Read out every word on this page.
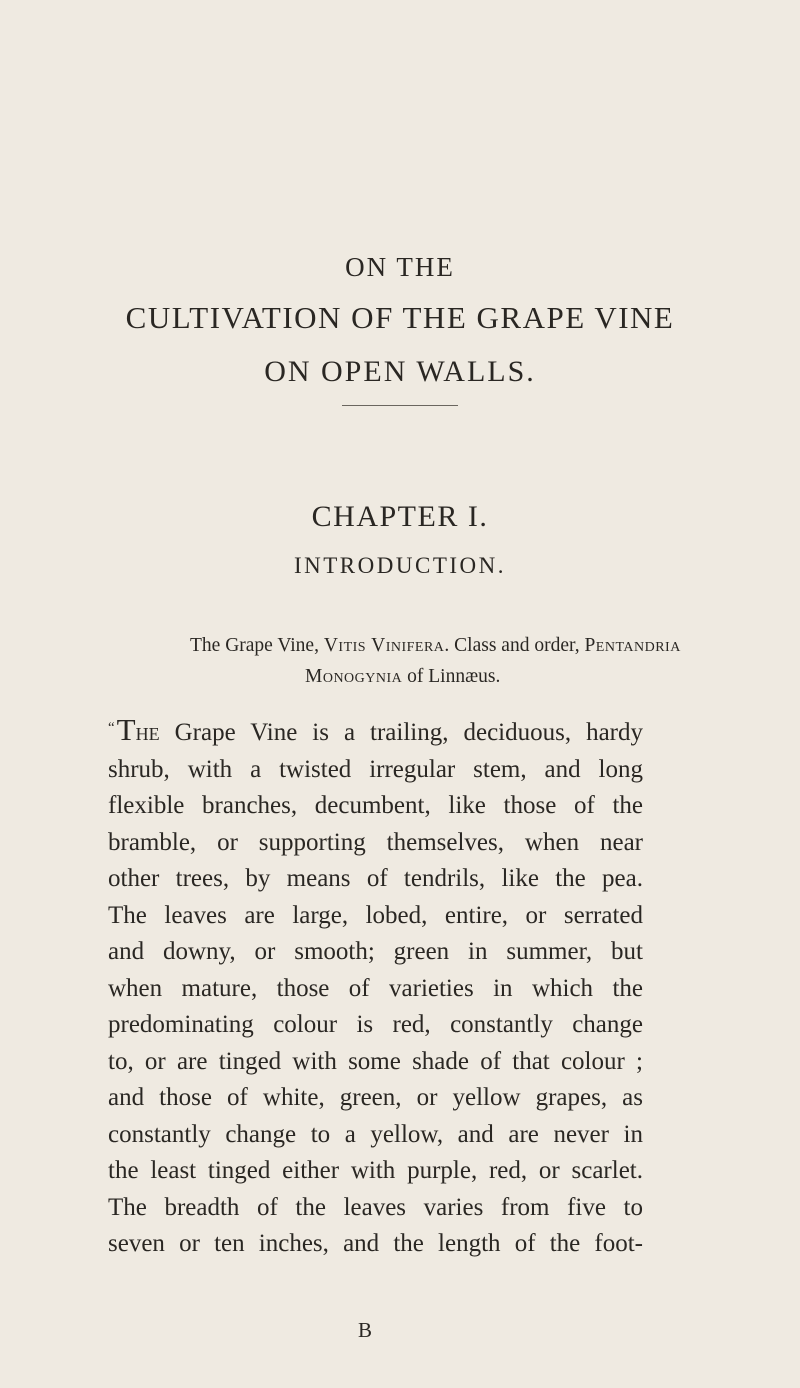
ON THE
CULTIVATION OF THE GRAPE VINE
ON OPEN WALLS.
CHAPTER I.
INTRODUCTION.
The Grape Vine, Vitis Vinifera. Class and order, Pentandria
Monogynia of Linnæus.

“The Grape Vine is a trailing, deciduous, hardy

shrub, with a twisted irregular stem, and long

flexible branches, decumbent, like those of the

bramble, or supporting themselves, when near

other trees, by means of tendrils, like the pea.

The leaves are large, lobed, entire, or serrated

and downy, or smooth; green in summer, but

when mature, those of varieties in which the

predominating colour is red, constantly change

to, or are tinged with some shade of that colour ;

and those of white, green, or yellow grapes, as

constantly change to a yellow, and are never in

the least tinged either with purple, red, or scarlet.

The breadth of the leaves varies from five to

seven or ten inches, and the length of the foot-

B
